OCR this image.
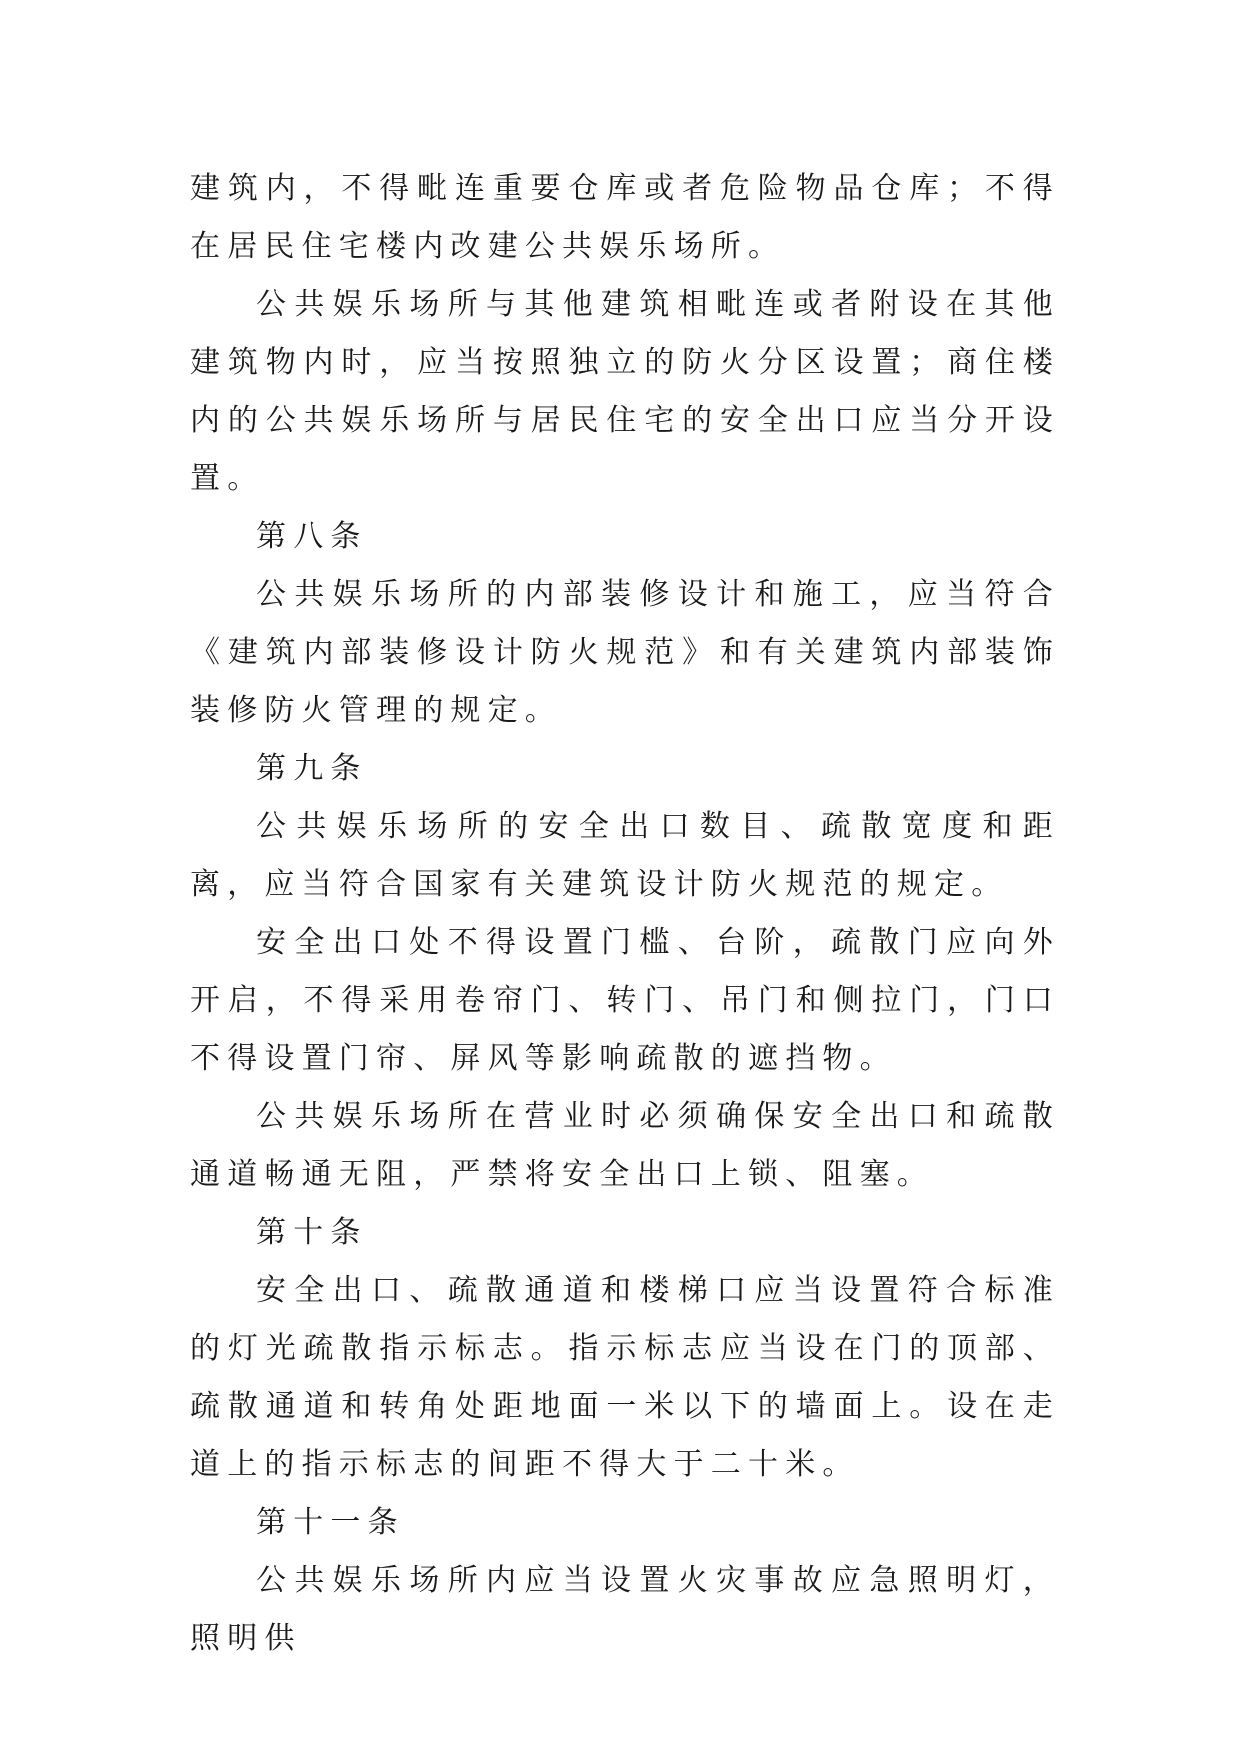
建筑内，不得毗连重要仓库或者危险物品仓库；不得在居民住宅楼内改建公共娱乐场所。

公共娱乐场所与其他建筑相毗连或者附设在其他建筑物内时，应当按照独立的防火分区设置；商住楼内的公共娱乐场所与居民住宅的安全出口应当分开设置。

第八条

公共娱乐场所的内部装修设计和施工，应当符合《建筑内部装修设计防火规范》和有关建筑内部装饰装修防火管理的规定。

第九条

公共娱乐场所的安全出口数目、疏散宽度和距离，应当符合国家有关建筑设计防火规范的规定。

安全出口处不得设置门槛、台阶，疏散门应向外开启，不得采用卷帘门、转门、吊门和侧拉门，门口不得设置门帘、屏风等影响疏散的遮挡物。

公共娱乐场所在营业时必须确保安全出口和疏散通道畅通无阻，严禁将安全出口上锁、阻塞。

第十条

安全出口、疏散通道和楼梯口应当设置符合标准的灯光疏散指示标志。指示标志应当设在门的顶部、疏散通道和转角处距地面一米以下的墙面上。设在走道上的指示标志的间距不得大于二十米。

第十一条

公共娱乐场所内应当设置火灾事故应急照明灯，照明供
